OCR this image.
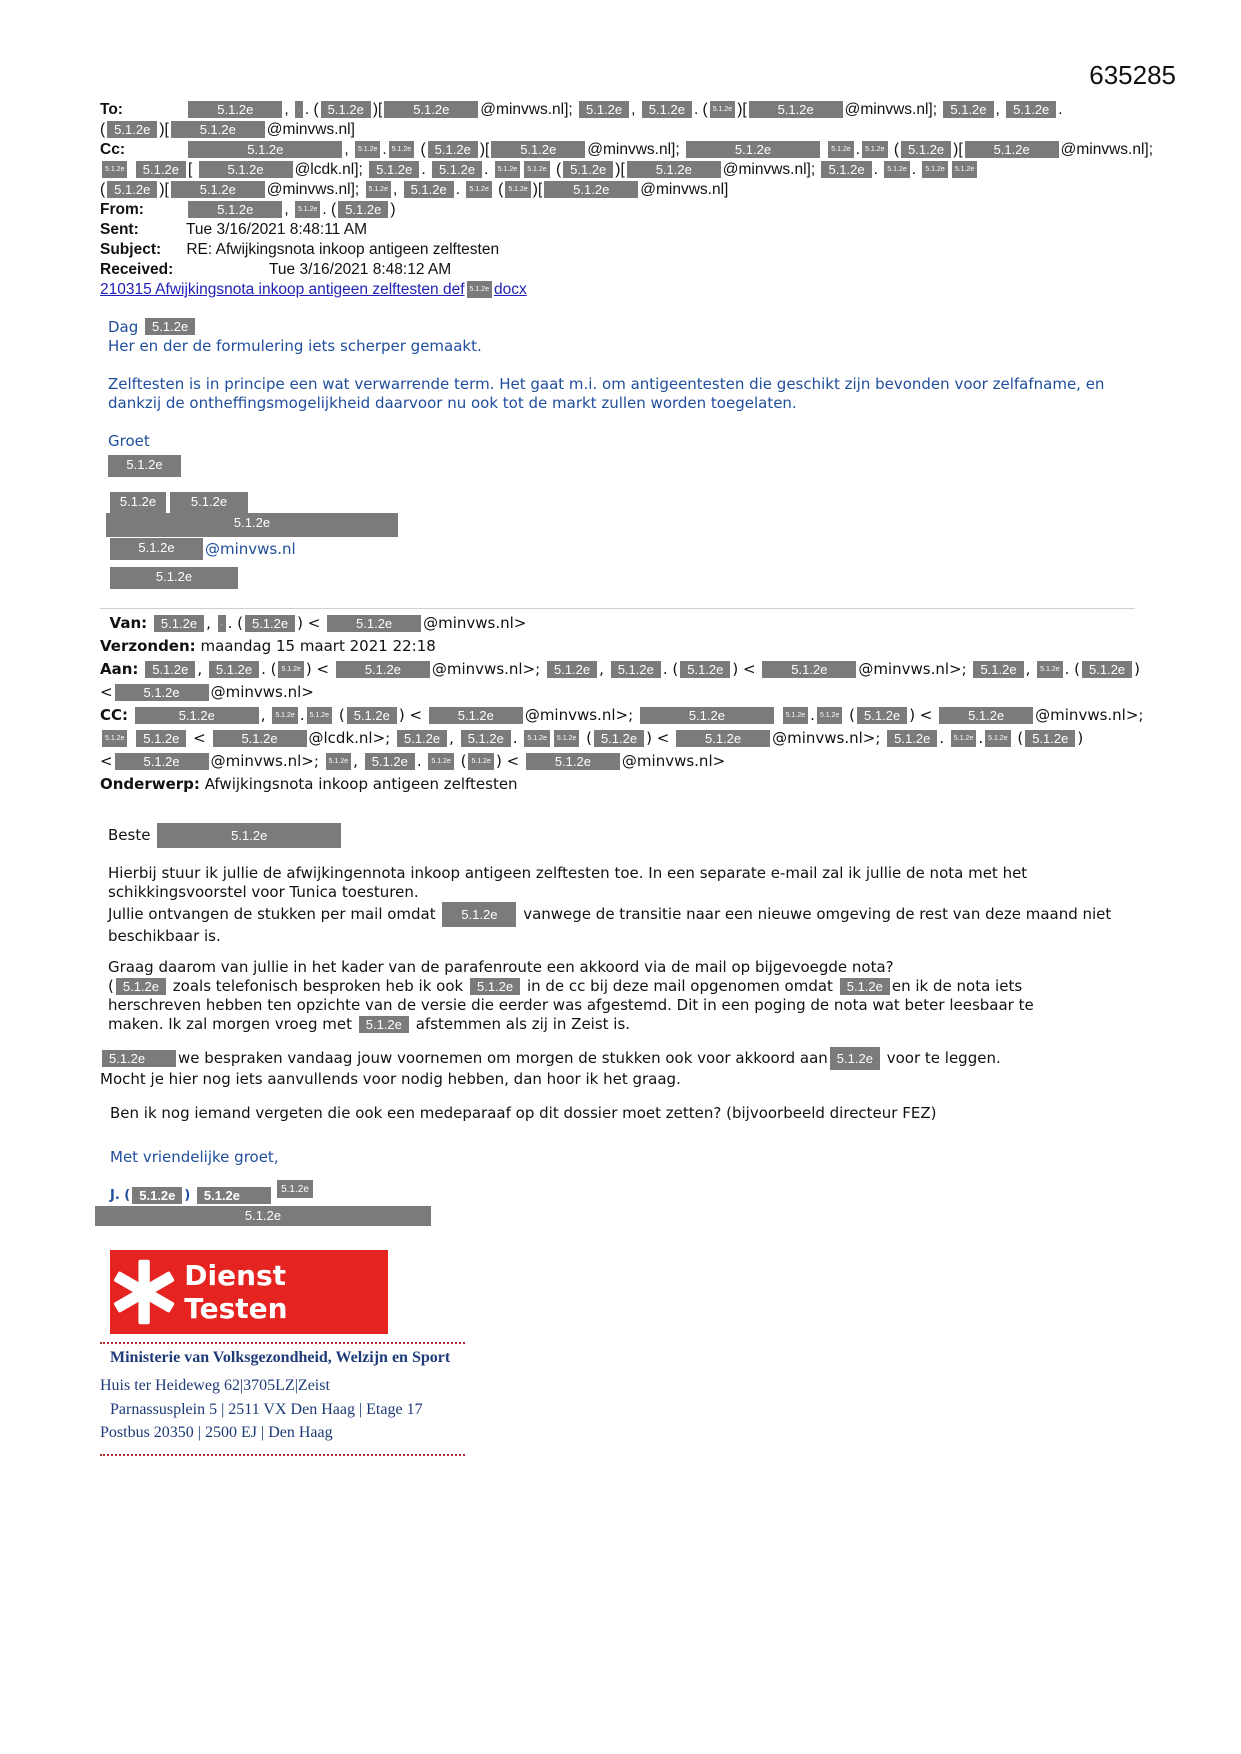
635285
To:	5.1.2e , . . ( 5.1.2e )[ 5.1.2e @minvws.nl]; 5.1.2e , 5.1.2e . ( 5.1.2e )[ 5.1.2e @minvws.nl]; 5.1.2e , 5.1.2e .
( 5.1.2e )[ 5.1.2e @minvws.nl]
Cc:	5.1.2e	, 5.1.2e . 5.1.2e ( 5.1.2e )[ 5.1.2e @minvws.nl];	5.1.2e	5.1.2e . 5.1.2e ( 5.1.2e )[ 5.1.2e @minvws.nl];
5.1.2e 5.1.2e [ 5.1.2e @lcdk.nl]; 5.1.2e . 5.1.2e . 5.1.2e 5.1.2e ( 5.1.2e )[ 5.1.2e @minvws.nl]; 5.1.2e . 5.1.2e . 5.1.2e 5.1.2e
( 5.1.2e )[ 5.1.2e @minvws.nl]; 5.1.2e , 5.1.2e . 5.1.2e ( 5.1.2e )[ 5.1.2e @minvws.nl]
From:	5.1.2e , 5.1.2e . ( 5.1.2e )
Sent:	Tue 3/16/2021 8:48:11 AM
Subject: RE: Afwijkingsnota inkoop antigeen zelftesten
Received:	Tue 3/16/2021 8:48:12 AM
210315 Afwijkingsnota inkoop antigeen zelftesten def 5.1.2e docx
Dag 5.1.2e
Her en der de formulering iets scherper gemaakt.
Zelftesten is in principe een wat verwarrende term. Het gaat m.i. om antigeentesten die geschikt zijn bevonden voor zelfafname, en dankzij de ontheffingsmogelijkheid daarvoor nu ook tot de markt zullen worden toegelaten.
Groet
5.1.2e
5.1.2e	5.1.2e
5.1.2e
5.1.2e	@minvws.nl
5.1.2e
Van: 5.1.2e , . . ( 5.1.2e ) < 5.1.2e @minvws.nl>
Verzonden: maandag 15 maart 2021 22:18
Aan: 5.1.2e , 5.1.2e . ( 5.1.2e ) < 5.1.2e @minvws.nl>; 5.1.2e , 5.1.2e . ( 5.1.2e ) < 5.1.2e @minvws.nl>; 5.1.2e , 5.1.2e . ( 5.1.2e )
< 5.1.2e @minvws.nl>
CC:	5.1.2e	, 5.1.2e . 5.1.2e ( 5.1.2e ) < 5.1.2e @minvws.nl>;	5.1.2e	5.1.2e . 5.1.2e ( 5.1.2e ) < 5.1.2e @minvws.nl>;
5.1.2e 5.1.2e < 5.1.2e @lcdk.nl>; 5.1.2e , 5.1.2e . 5.1.2e 5.1.2e ( 5.1.2e ) < 5.1.2e @minvws.nl>; 5.1.2e . 5.1.2e . 5.1.2e ( 5.1.2e )
< 5.1.2e @minvws.nl>; 5.1.2e , 5.1.2e . 5.1.2e ( 5.1.2e ) < 5.1.2e @minvws.nl>
Onderwerp: Afwijkingsnota inkoop antigeen zelftesten
Beste	5.1.2e
Hierbij stuur ik jullie de afwijkingennota inkoop antigeen zelftesten toe. In een separate e-mail zal ik jullie de nota met het schikkingsvoorstel voor Tunica toesturen.
Jullie ontvangen de stukken per mail omdat 5.1.2e vanwege de transitie naar een nieuwe omgeving de rest van deze maand niet beschikbaar is.
Graag daarom van jullie in het kader van de parafenroute een akkoord via de mail op bijgevoegde nota?
( 5.1.2e zoals telefonisch besproken heb ik ook 5.1.2e in de cc bij deze mail opgenomen omdat 5.1.2e en ik de nota iets
herschreven hebben ten opzichte van de versie die eerder was afgestemd. Dit in een poging de nota wat beter leesbaar te
maken. Ik zal morgen vroeg met 5.1.2e afstemmen als zij in Zeist is.
5.1.2e we bespraken vandaag jouw voornemen om morgen de stukken ook voor akkoord aan 5.1.2e voor te leggen.
Mocht je hier nog iets aanvullends voor nodig hebben, dan hoor ik het graag.
Ben ik nog iemand vergeten die ook een medeparaaf op dit dossier moet zetten? (bijvoorbeeld directeur FEZ)
Met vriendelijke groet,
J. ( 5.1.2e ) 5.1.2e	5.1.2e
5.1.2e
Dienst Testen
Ministerie van Volksgezondheid, Welzijn en Sport
Huis ter Heideweg 62|3705LZ|Zeist
Parnassusplein 5 | 2511 VX Den Haag | Etage 17
Postbus 20350 | 2500 EJ | Den Haag
